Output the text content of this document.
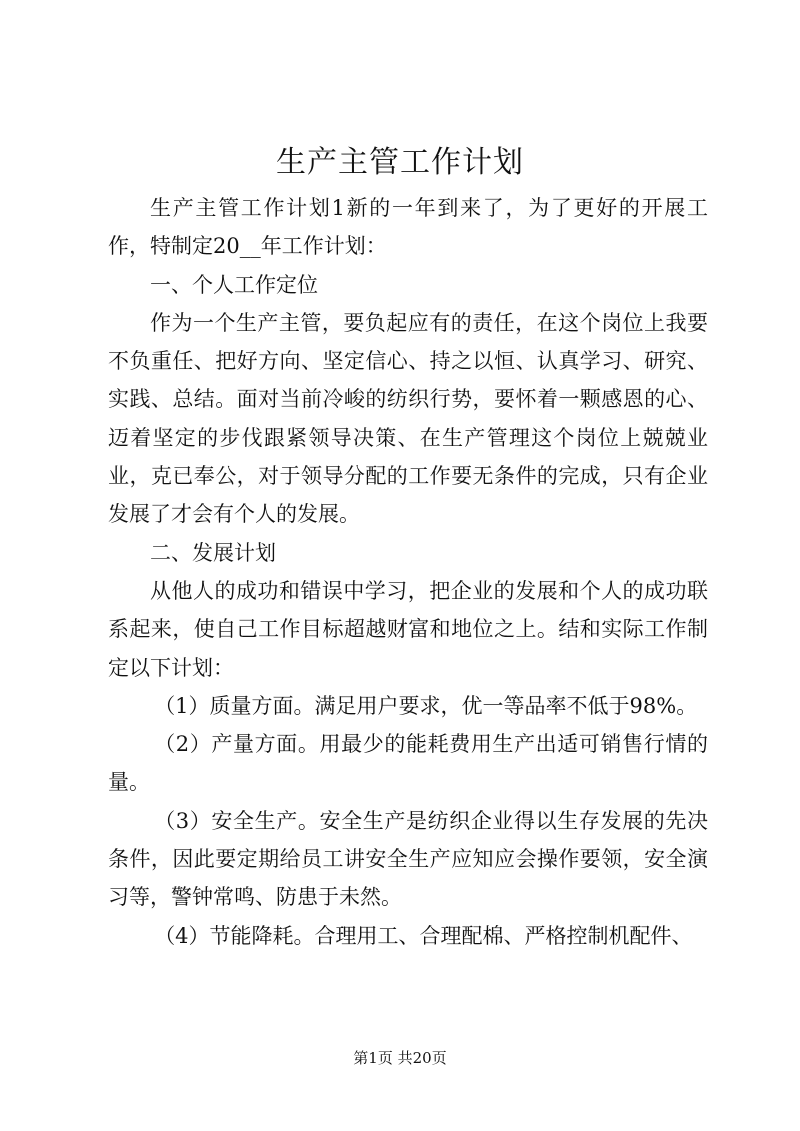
生产主管工作计划

生产主管工作计划1新的一年到来了，为了更好的开展工作，特制定20__年工作计划：

一、个人工作定位

作为一个生产主管，要负起应有的责任，在这个岗位上我要不负重任、把好方向、坚定信心、持之以恒、认真学习、研究、实践、总结。面对当前冷峻的纺织行势，要怀着一颗感恩的心、迈着坚定的步伐跟紧领导决策、在生产管理这个岗位上兢兢业业，克已奉公，对于领导分配的工作要无条件的完成，只有企业发展了才会有个人的发展。

二、发展计划

从他人的成功和错误中学习，把企业的发展和个人的成功联系起来，使自己工作目标超越财富和地位之上。结和实际工作制定以下计划：

（1）质量方面。满足用户要求，优一等品率不低于98%。

（2）产量方面。用最少的能耗费用生产出适可销售行情的量。

（3）安全生产。安全生产是纺织企业得以生存发展的先决条件，因此要定期给员工讲安全生产应知应会操作要领，安全演习等，警钟常鸣、防患于未然。

（4）节能降耗。合理用工、合理配棉、严格控制机配件、

第1页 共20页
